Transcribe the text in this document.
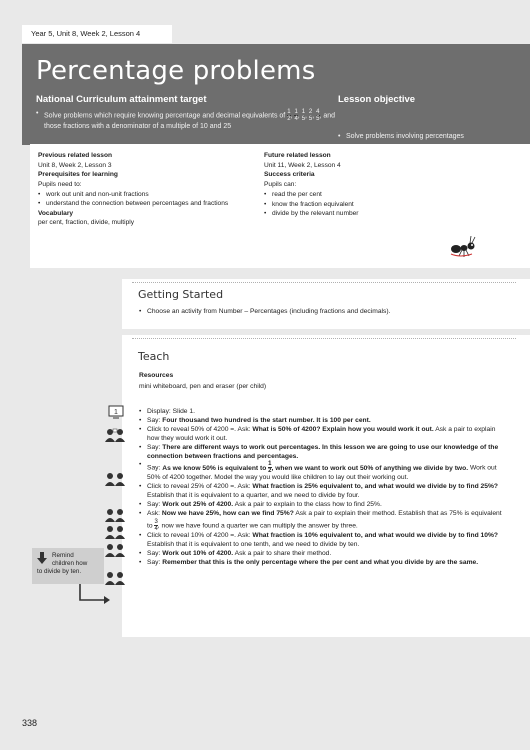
Year 5, Unit 8, Week 2, Lesson 4
Percentage problems
National Curriculum attainment target	Lesson objective
• Solve problems which require knowing percentage and decimal equivalents of $\frac{1}{2}$ , $\frac{1}{4}$ , $\frac{1}{5}$ , $\frac{2}{5}$ , $\frac{4}{5}$ , and those fractions with a denominator of a multiple of 10 and 25
• Solve problems involving percentages
Previous related lesson
Unit 8, Week 2, Lesson 3
Prerequisites for learning
Pupils need to:
• work out unit and non-unit fractions
• understand the connection between percentages and fractions
Vocabulary
per cent, fraction, divide, multiply
Future related lesson
Unit 11, Week 2, Lesson 4
Success criteria
Pupils can:
• read the per cent
• know the fraction equivalent
• divide by the relevant number
Getting Started
• Choose an activity from Number – Percentages (including fractions and decimals).
Teach
Resources
mini whiteboard, pen and eraser (per child)
• Display: Slide 1.
• Say: Four thousand two hundred is the start number. It is 100 per cent.
• Click to reveal 50% of 4200 =. Ask: What is 50% of 4200? Explain how you would work it out. Ask a pair to explain how they would work it out.
• Say: There are different ways to work out percentages. In this lesson we are going to use our knowledge of the connection between fractions and percentages.
• Say: As we know 50% is equivalent to $\frac{1}{2}$ , when we want to work out 50% of anything we divide by two. Work out 50% of 4200 together. Model the way you would like children to lay out their working out.
• Click to reveal 25% of 4200 =. Ask: What fraction is 25% equivalent to, and what would we divide by to find 25%? Establish that it is equivalent to a quarter, and we need to divide by four.
• Say: Work out 25% of 4200. Ask a pair to explain to the class how to find 25%.
• Ask: Now we have 25%, how can we find 75%? Ask a pair to explain their method. Establish that as 75% is equivalent to $\frac{3}{4}$ , now we have found a quarter we can multiply the answer by three.
• Click to reveal 10% of 4200 =. Ask: What fraction is 10% equivalent to, and what would we divide by to find 10%? Establish that it is equivalent to one tenth, and we need to divide by ten.
• Say: Work out 10% of 4200. Ask a pair to share their method.
• Say: Remember that this is the only percentage where the per cent and what you divide by are the same.
1
Remind
children how
to divide by ten.
338
